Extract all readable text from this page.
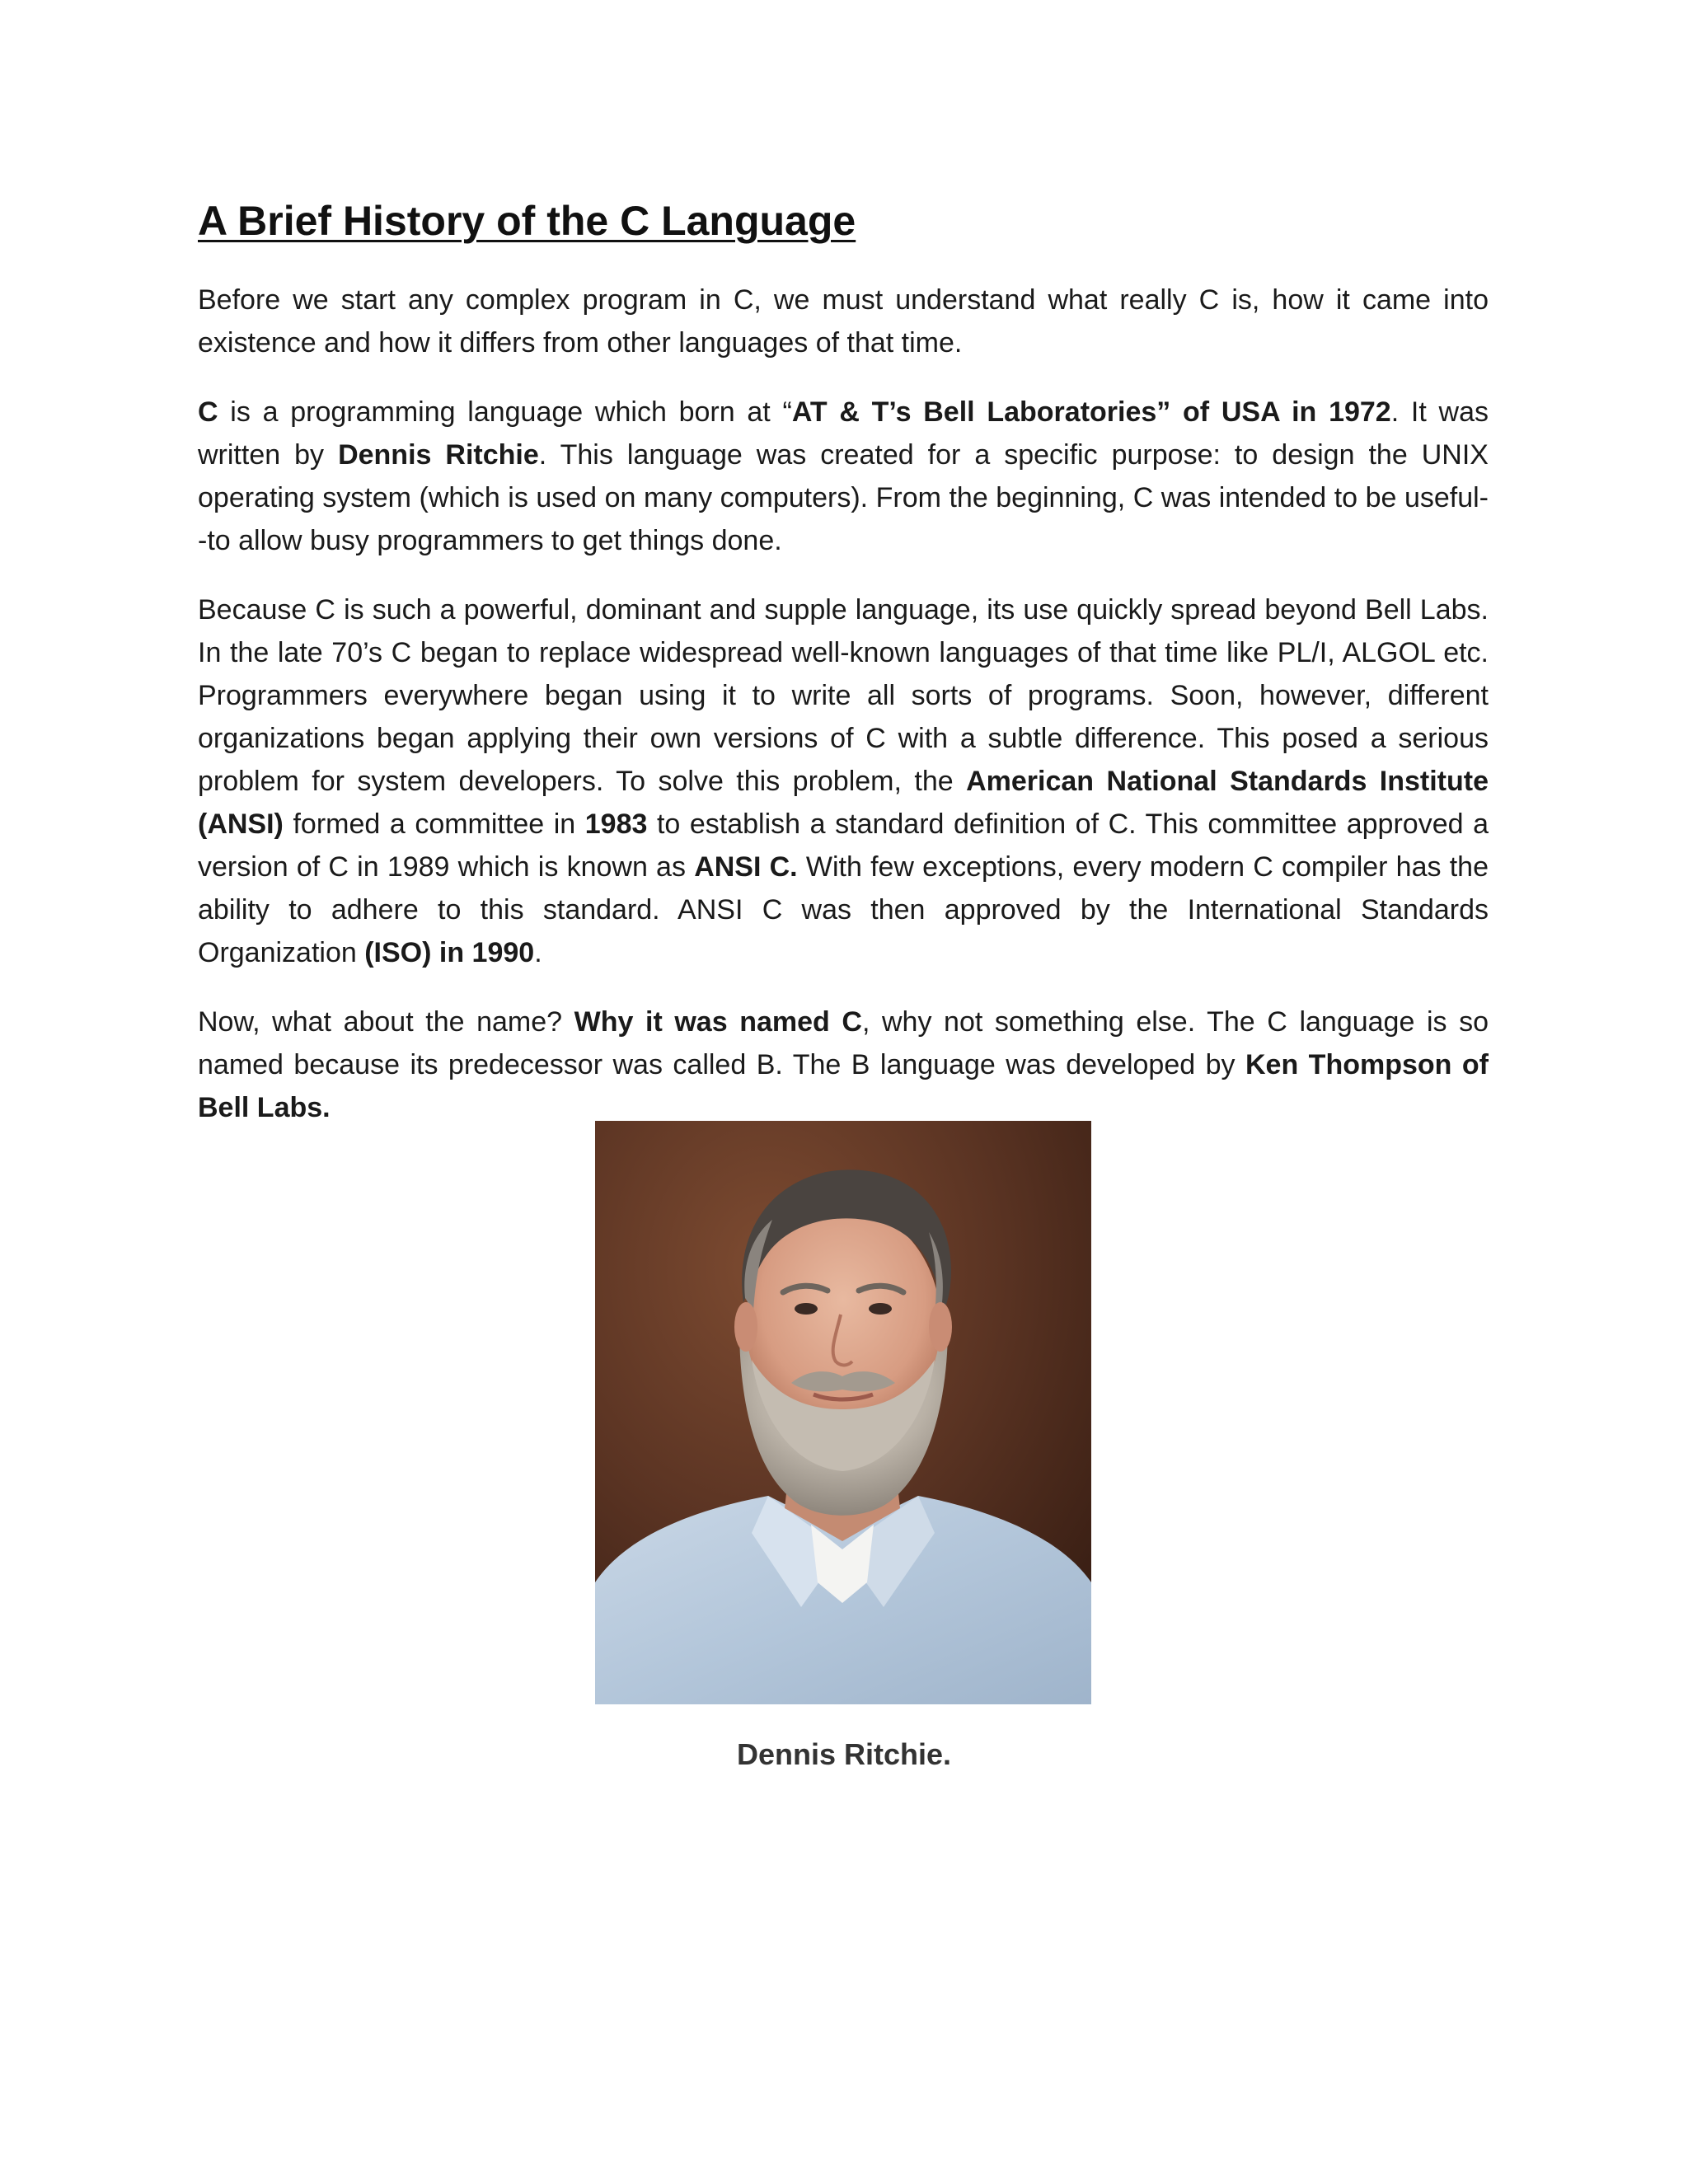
A Brief History of the C Language

Before we start any complex program in C, we must understand what really C is, how it came into existence and how it differs from other languages of that time.

C is a programming language which born at “AT & T’s Bell Laboratories” of USA in 1972. It was written by Dennis Ritchie. This language was created for a specific purpose: to design the UNIX operating system (which is used on many computers). From the beginning, C was intended to be useful--to allow busy programmers to get things done.

Because C is such a powerful, dominant and supple language, its use quickly spread beyond Bell Labs. In the late 70’s C began to replace widespread well-known languages of that time like PL/I, ALGOL etc. Programmers everywhere began using it to write all sorts of programs. Soon, however, different organizations began applying their own versions of C with a subtle difference. This posed a serious problem for system developers. To solve this problem, the American National Standards Institute (ANSI) formed a committee in 1983 to establish a standard definition of C. This committee approved a version of C in 1989 which is known as ANSI C. With few exceptions, every modern C compiler has the ability to adhere to this standard. ANSI C was then approved by the International Standards Organization (ISO) in 1990.

Now, what about the name? Why it was named C, why not something else. The C language is so named because its predecessor was called B. The B language was developed by Ken Thompson of Bell Labs.

Dennis Ritchie.
